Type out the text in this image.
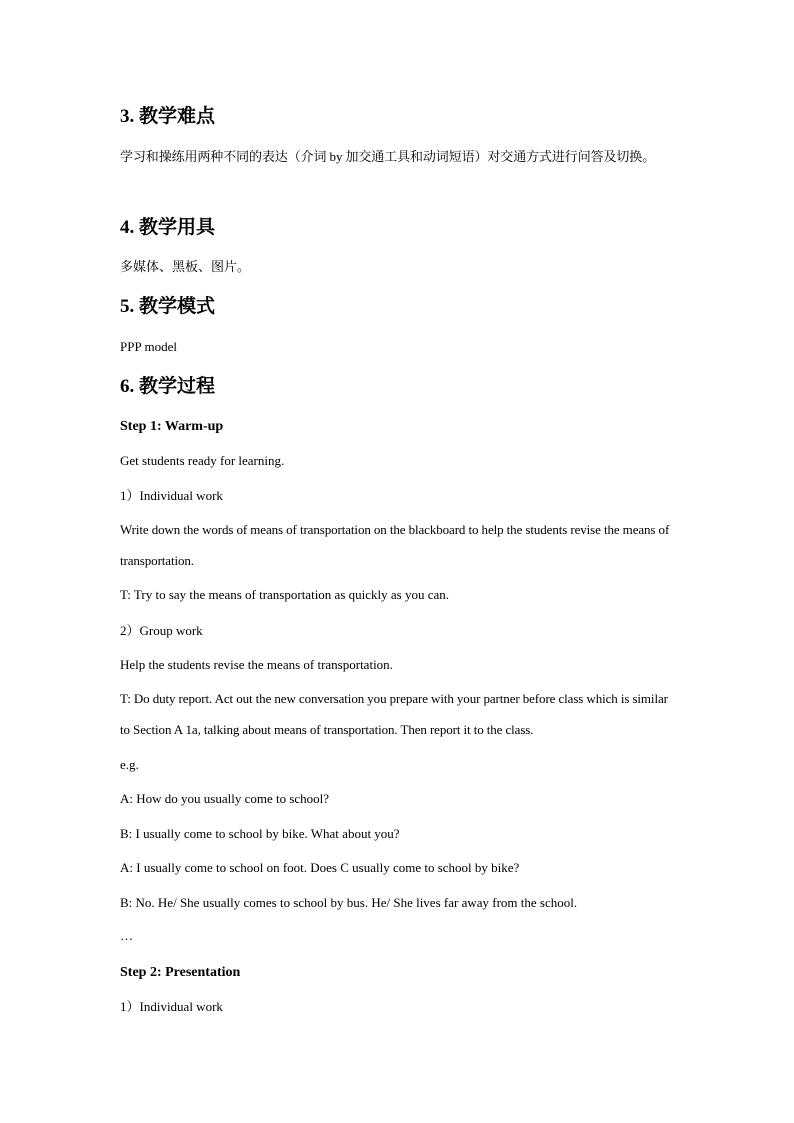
3. 教学难点
学习和操练用两种不同的表达（介词 by 加交通工具和动词短语）对交通方式进行问答及切换。
4. 教学用具
多媒体、黑板、图片。
5. 教学模式
PPP model
6. 教学过程
Step 1: Warm-up
Get students ready for learning.
1）Individual work
Write down the words of means of transportation on the blackboard to help the students revise the means of transportation.
T: Try to say the means of transportation as quickly as you can.
2）Group work
Help the students revise the means of transportation.
T: Do duty report. Act out the new conversation you prepare with your partner before class which is similar to Section A 1a, talking about means of transportation. Then report it to the class.
e.g.
A: How do you usually come to school?
B: I usually come to school by bike. What about you?
A: I usually come to school on foot. Does C usually come to school by bike?
B: No. He/ She usually comes to school by bus. He/ She lives far away from the school.
…
Step 2: Presentation
1）Individual work
